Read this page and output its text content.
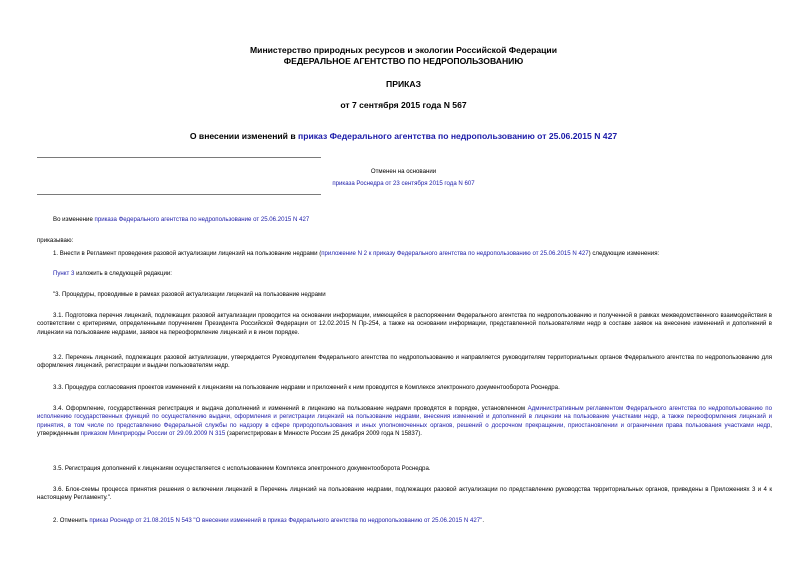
Министерство природных ресурсов и экологии Российской Федерации
ФЕДЕРАЛЬНОЕ АГЕНТСТВО ПО НЕДРОПОЛЬЗОВАНИЮ
ПРИКАЗ
от 7 сентября 2015 года N 567
О внесении изменений в приказ Федерального агентства по недропользованию от 25.06.2015 N 427
Отменен на основании
приказа Роснедра от 23 сентября 2015 года N 607
Во изменение приказа Федерального агентства по недропользование от 25.06.2015 N 427
приказываю:
1. Внести в Регламент проведения разовой актуализации лицензий на пользование недрами (приложение N 2 к приказу Федерального агентства по недропользованию от 25.06.2015 N 427) следующие изменения:
Пункт 3 изложить в следующей редакции:
"3. Процедуры, проводимые в рамках разовой актуализации лицензий на пользование недрами
3.1. Подготовка перечня лицензий, подлежащих разовой актуализации проводится на основании информации, имеющейся в распоряжении Федерального агентства по недропользованию и полученной в рамках межведомственного взаимодействия в соответствии с критериями, определенными поручением Президента Российской Федерации от 12.02.2015 N Пр-254, а также на основании информации, представленной пользователями недр в составе заявок на внесение изменений и дополнений в лицензии на пользование недрами, заявок на переоформление лицензий и в ином порядке.
3.2. Перечень лицензий, подлежащих разовой актуализации, утверждается Руководителем Федерального агентства по недропользованию и направляется руководителям территориальных органов Федерального агентства по недропользованию для оформления лицензий, регистрации и выдачи пользователям недр.
3.3. Процедура согласования проектов изменений к лицензиям на пользование недрами и приложений к ним проводится в Комплексе электронного документооборота Роснедра.
3.4. Оформление, государственная регистрация и выдача дополнений и изменений в лицензию на пользование недрами проводятся в порядке, установленном Административным регламентом Федерального агентства по недропользованию по исполнению государственных функций по осуществлению выдачи, оформления и регистрации лицензий на пользование недрами, внесения изменений и дополнений в лицензии на пользование участками недр, а также переоформления лицензий и принятия, в том числе по представлению Федеральной службы по надзору в сфере природопользования и иных уполномоченных органов, решений о досрочном прекращении, приостановлении и ограничении права пользования участками недр, утвержденным приказом Минприроды России от 29.09.2009 N 315 (зарегистрирован в Минюсте России 25 декабря 2009 года N 15837).
3.5. Регистрация дополнений к лицензиям осуществляется с использованием Комплекса электронного документооборота Роснедра.
3.6. Блок-схемы процесса принятия решения о включении лицензий в Перечень лицензий на пользование недрами, подлежащих разовой актуализации по представлению руководства территориальных органов, приведены в Приложениях 3 и 4 к настоящему Регламенту.".
2. Отменить приказ Роснедр от 21.08.2015 N 543 "О внесении изменений в приказ Федерального агентства по недропользованию от 25.06.2015 N 427".
